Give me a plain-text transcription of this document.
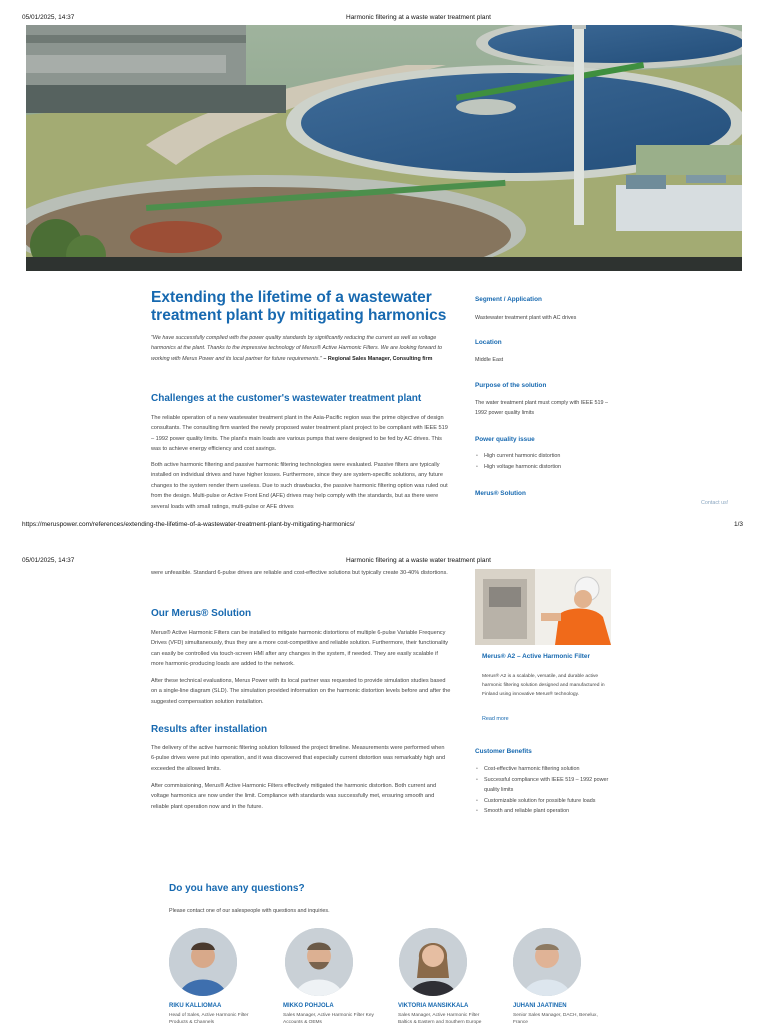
05/01/2025, 14:37	Harmonic filtering at a waste water treatment plant
Extending the lifetime of a wastewater treatment plant by mitigating harmonics
"We have successfully complied with the power quality standards by significantly reducing the current as well as voltage harmonics at the plant. Thanks to the impressive technology of Merus® Active Harmonic Filters. We are looking forward to working with Merus Power and its local partner for future requirements." – Regional Sales Manager, Consulting firm
Challenges at the customer's wastewater treatment plant
The reliable operation of a new wastewater treatment plant in the Asia-Pacific region was the prime objective of design consultants. The consulting firm wanted the newly proposed water treatment plant project to be compliant with IEEE 519 – 1992 power quality limits. The plant's main loads are various pumps that were designed to be fed by AC drives. This was to achieve energy efficiency and cost savings.
Both active harmonic filtering and passive harmonic filtering technologies were evaluated. Passive filters are typically installed on individual drives and have higher losses. Furthermore, since they are system-specific solutions, any future changes to the system render them useless. Due to such drawbacks, the passive harmonic filtering option was ruled out from the design. Multi-pulse or Active Front End (AFE) drives may help comply with the standards, but as there were several loads with small ratings, multi-pulse or AFE drives
Segment / Application
Wastewater treatment plant with AC drives
Location
Middle East
Purpose of the solution
The water treatment plant must comply with IEEE 519 – 1992 power quality limits
Power quality issue
• High current harmonic distortion
• High voltage harmonic distortion
Merus® Solution
Contact us!
https://meruspower.com/references/extending-the-lifetime-of-a-wastewater-treatment-plant-by-mitigating-harmonics/	1/3
05/01/2025, 14:37	Harmonic filtering at a waste water treatment plant
were unfeasible. Standard 6-pulse drives are reliable and cost-effective solutions but typically create 30-40% distortions.
Our Merus® Solution
Merus® Active Harmonic Filters can be installed to mitigate harmonic distortions of multiple 6-pulse Variable Frequency Drives (VFD) simultaneously, thus they are a more cost-competitive and reliable solution. Furthermore, their functionality can easily be controlled via touch-screen HMI after any changes in the system, if needed. They are easily scalable if more harmonic-producing loads are added to the network.
After these technical evaluations, Merus Power with its local partner was requested to provide simulation studies based on a single-line diagram (SLD). The simulation provided information on the harmonic distortion levels before and after the suggested compensation solution installation.
Results after installation
The delivery of the active harmonic filtering solution followed the project timeline. Measurements were performed when 6-pulse drives were put into operation, and it was discovered that especially current distortion was remarkably high and exceeded the allowed limits.
After commissioning, Merus® Active Harmonic Filters effectively mitigated the harmonic distortion. Both current and voltage harmonics are now under the limit. Compliance with standards was successfully met, ensuring smooth and reliable plant operation now and in the future.
Merus® A2 – Active Harmonic Filter
Merus® A2 is a scalable, versatile, and durable active harmonic filtering solution designed and manufactured in Finland using innovative Merus® technology.
Read more
Customer Benefits
• Cost-effective harmonic filtering solution
• Successful compliance with IEEE 519 – 1992 power quality limits
• Customizable solution for possible future loads
• Smooth and reliable plant operation
Do you have any questions?
Please contact one of our salespeople with questions and inquiries.
RIKU KALLIOMAA
Head of Sales, Active Harmonic Filter Products & Channels
MIKKO POHJOLA
Sales Manager, Active Harmonic Filter Key Accounts & OEMs
VIKTORIA MANSIKKALA
Sales Manager, Active Harmonic Filter Baltics & Eastern and Southern Europe
JUHANI JAATINEN
Senior Sales Manager, DACH, Benelux, France
